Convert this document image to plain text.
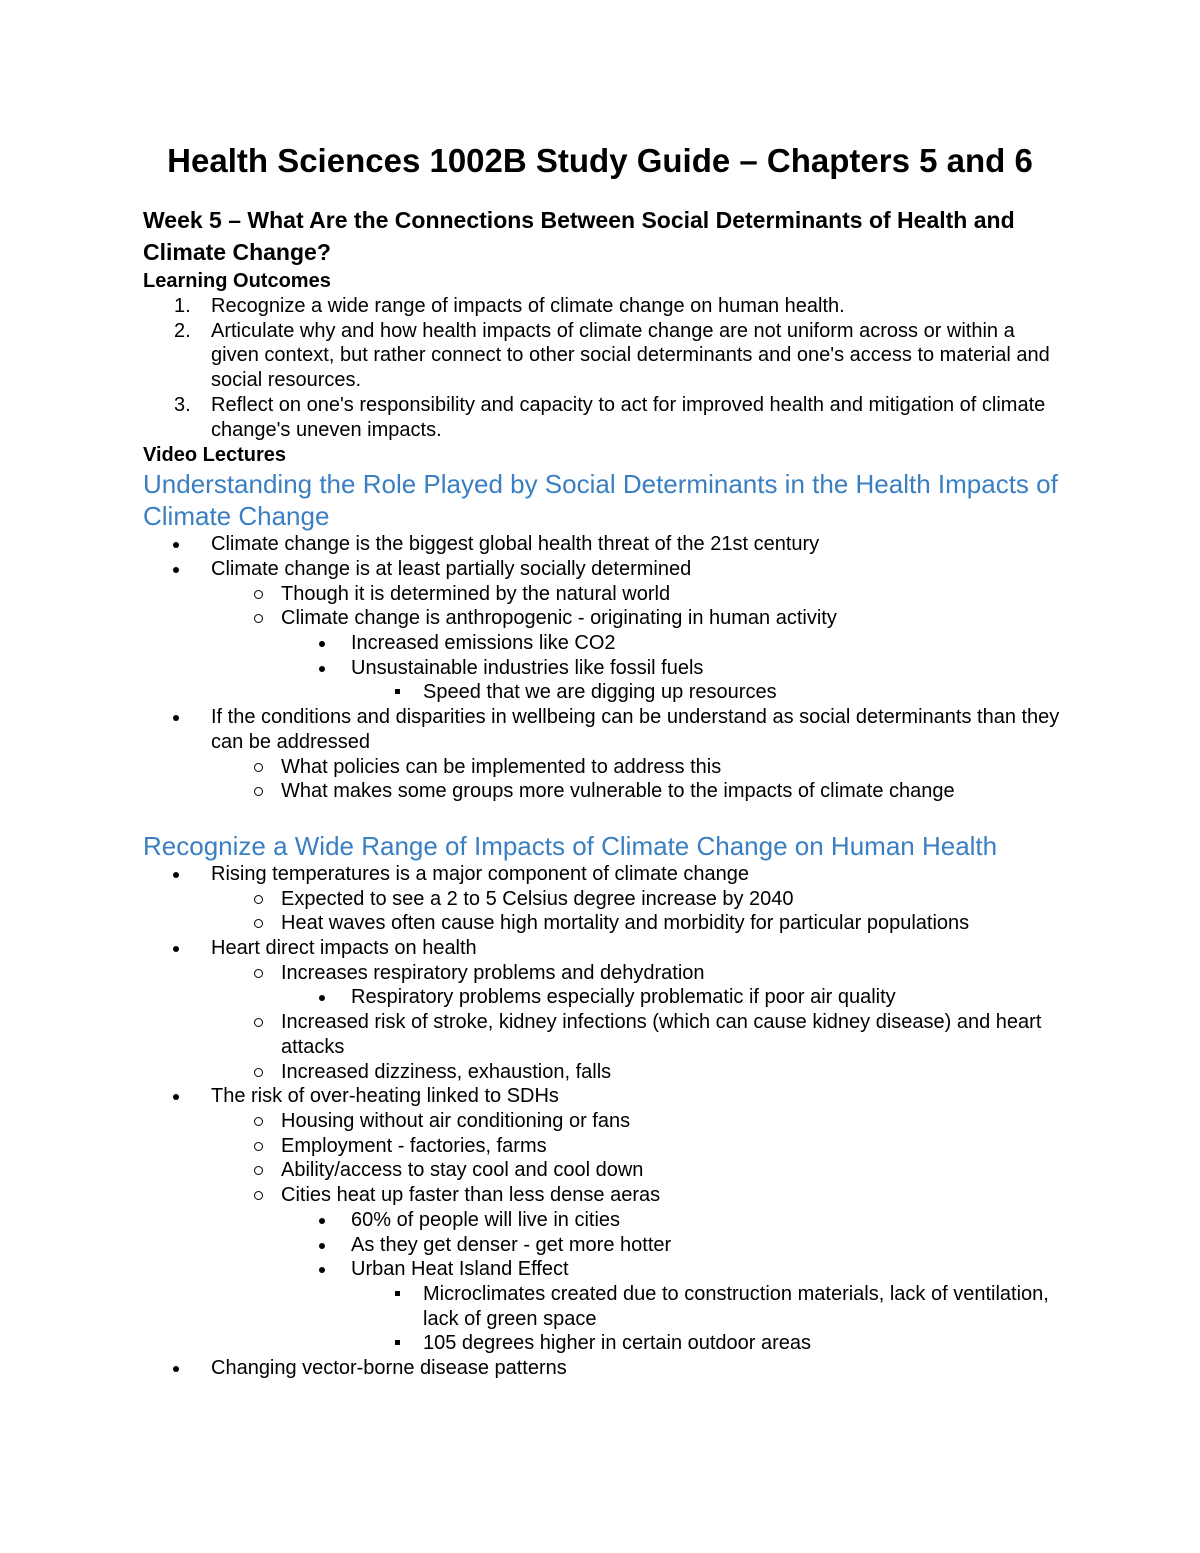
Health Sciences 1002B Study Guide – Chapters 5 and 6
Week 5 – What Are the Connections Between Social Determinants of Health and Climate Change?
Learning Outcomes
1. Recognize a wide range of impacts of climate change on human health.
2. Articulate why and how health impacts of climate change are not uniform across or within a given context, but rather connect to other social determinants and one's access to material and social resources.
3. Reflect on one's responsibility and capacity to act for improved health and mitigation of climate change's uneven impacts.
Video Lectures
Understanding the Role Played by Social Determinants in the Health Impacts of Climate Change
Climate change is the biggest global health threat of the 21st century
Climate change is at least partially socially determined
Though it is determined by the natural world
Climate change is anthropogenic - originating in human activity
Increased emissions like CO2
Unsustainable industries like fossil fuels
Speed that we are digging up resources
If the conditions and disparities in wellbeing can be understand as social determinants than they can be addressed
What policies can be implemented to address this
What makes some groups more vulnerable to the impacts of climate change
Recognize a Wide Range of Impacts of Climate Change on Human Health
Rising temperatures is a major component of climate change
Expected to see a 2 to 5 Celsius degree increase by 2040
Heat waves often cause high mortality and morbidity for particular populations
Heart direct impacts on health
Increases respiratory problems and dehydration
Respiratory problems especially problematic if poor air quality
Increased risk of stroke, kidney infections (which can cause kidney disease) and heart attacks
Increased dizziness, exhaustion, falls
The risk of over-heating linked to SDHs
Housing without air conditioning or fans
Employment - factories, farms
Ability/access to stay cool and cool down
Cities heat up faster than less dense aeras
60% of people will live in cities
As they get denser - get more hotter
Urban Heat Island Effect
Microclimates created due to construction materials, lack of ventilation, lack of green space
105 degrees higher in certain outdoor areas
Changing vector-borne disease patterns
